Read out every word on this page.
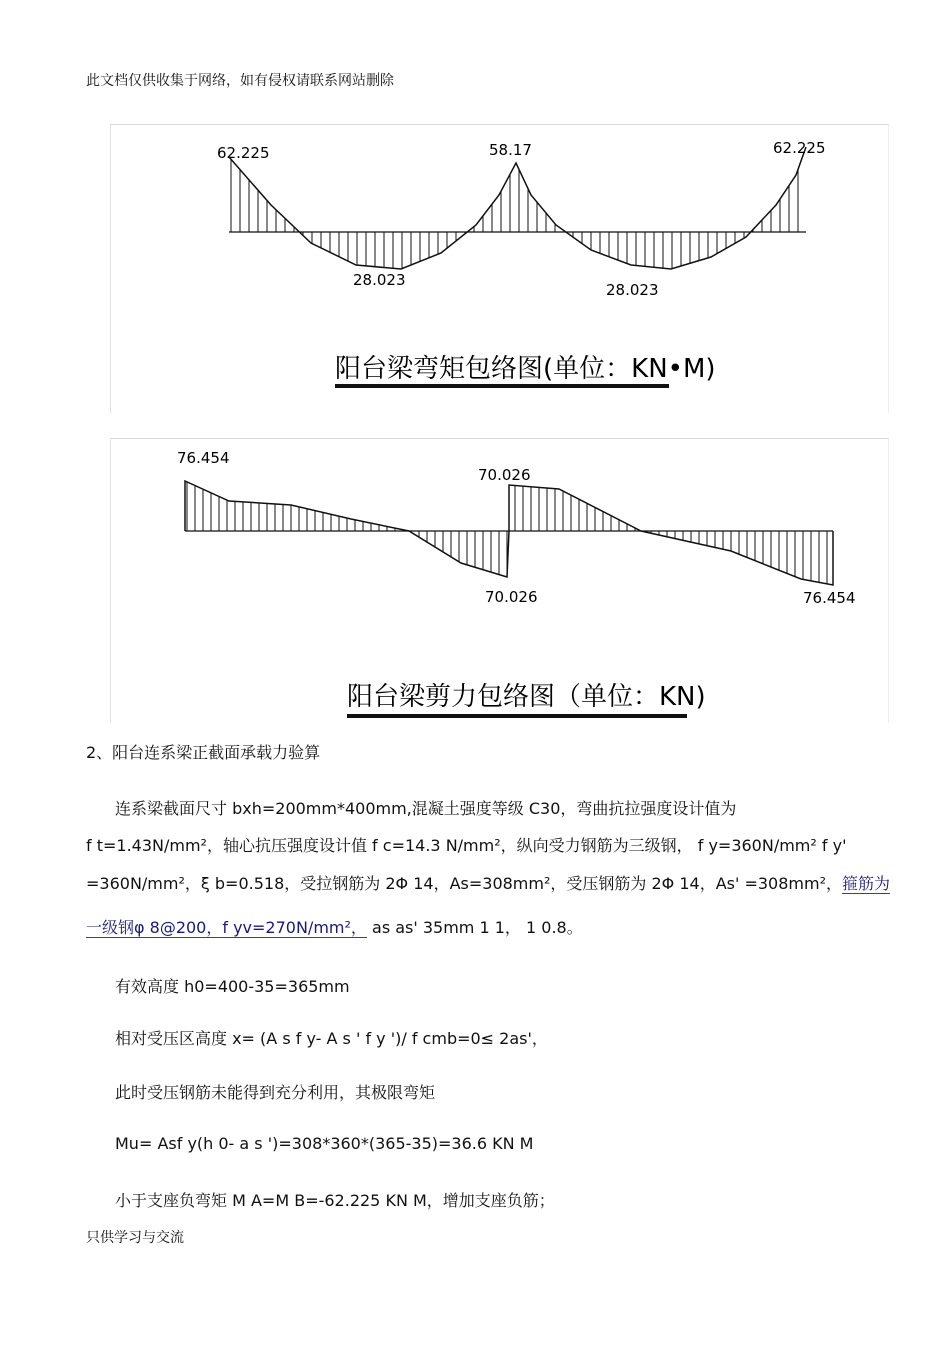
此文档仅供收集于网络，如有侵权请联系网站删除
62.225	58.17	62.225
28.023
28.023
阳台梁弯矩包络图(单位：KN•M)
76.454
70.026
70.026	76.454
阳台梁剪力包络图（单位：KN)
2、阳台连系梁正截面承载力验算
连系梁截面尺寸 bxh=200mm*400mm,混凝土强度等级 C30，弯曲抗拉强度设计值为
f t=1.43N/mm²，轴心抗压强度设计值 f c=14.3 N/mm²，纵向受力钢筋为三级钢， f y=360N/mm² f y'
=360N/mm²，ξ b=0.518，受拉钢筋为 2Φ 14，As=308mm²，受压钢筋为 2Φ 14，As' =308mm²，箍筋为
一级钢φ 8@200，f yv=270N/mm²， as as' 35mm 1 1， 1 0.8。
有效高度 h0=400-35=365mm
相对受压区高度 x= (A s f y- A s ' f y ')/ f cmb=0≤ 2as'，
此时受压钢筋未能得到充分利用，其极限弯矩
Mu= Asf y(h 0- a s ')=308*360*(365-35)=36.6 KN M
小于支座负弯矩 M A=M B=-62.225 KN M，增加支座负筋；
只供学习与交流
